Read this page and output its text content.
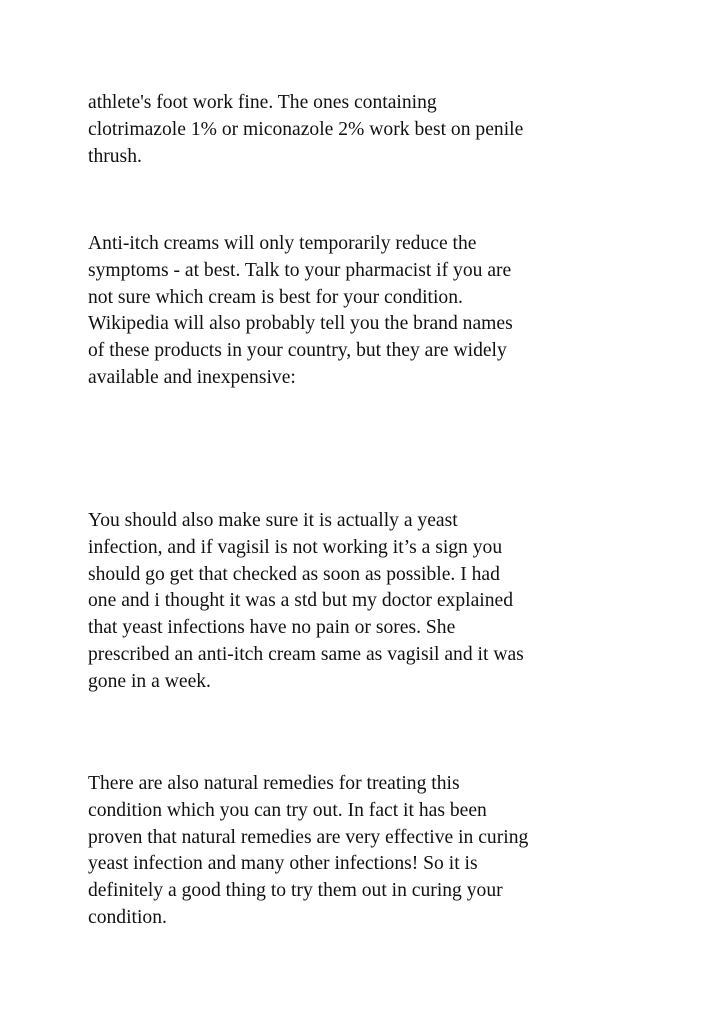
athlete's foot work fine. The ones containing
clotrimazole 1% or miconazole 2% work best on penile
thrush.

Anti-itch creams will only temporarily reduce the
symptoms - at best. Talk to your pharmacist if you are
not sure which cream is best for your condition.
Wikipedia will also probably tell you the brand names
of these products in your country, but they are widely
available and inexpensive:

You should also make sure it is actually a yeast
infection, and if vagisil is not working it’s a sign you
should go get that checked as soon as possible. I had
one and i thought it was a std but my doctor explained
that yeast infections have no pain or sores. She
prescribed an anti-itch cream same as vagisil and it was
gone in a week.

There are also natural remedies for treating this
condition which you can try out. In fact it has been
proven that natural remedies are very effective in curing
yeast infection and many other infections! So it is
definitely a good thing to try them out in curing your
condition.
